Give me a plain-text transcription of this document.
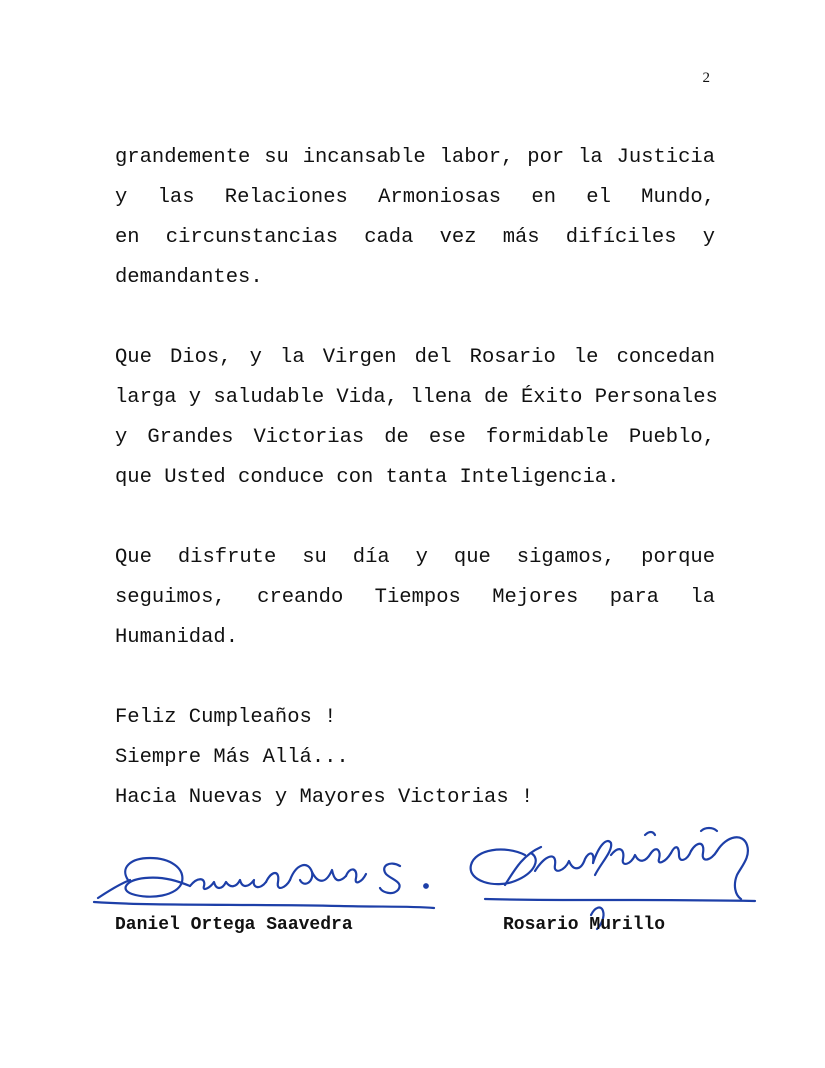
2
grandemente su incansable labor, por la Justicia
y las Relaciones Armoniosas en el Mundo,
en circunstancias cada vez más difíciles y
demandantes.
Que Dios, y la Virgen del Rosario le concedan
larga y saludable Vida, llena de Éxito Personales
y Grandes Victorias de ese formidable Pueblo,
que Usted conduce con tanta Inteligencia.
Que disfrute su día y que sigamos, porque
seguimos, creando Tiempos Mejores para la
Humanidad.
Feliz Cumpleaños !
Siempre Más Allá...
Hacia Nuevas y Mayores Victorias !
Daniel Ortega Saavedra	Rosario Murillo
